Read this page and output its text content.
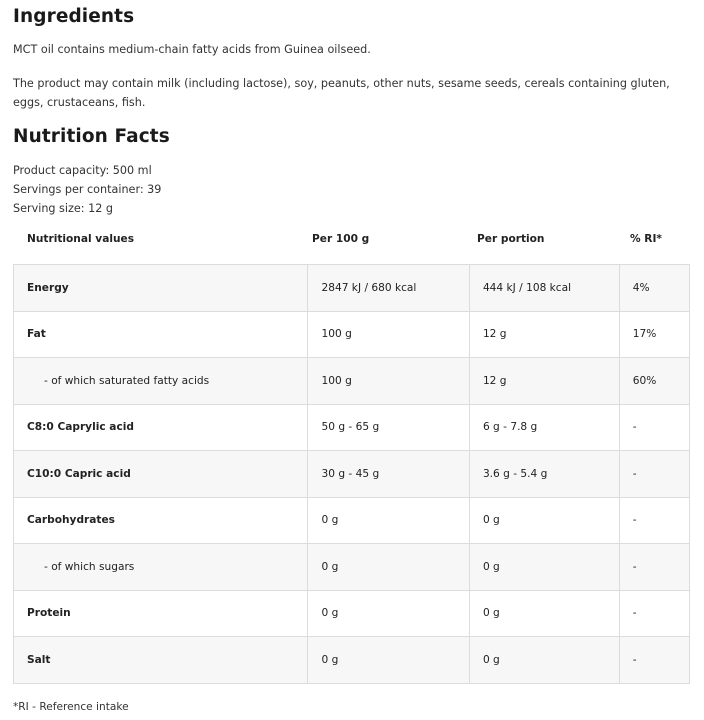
Ingredients

MCT oil contains medium-chain fatty acids from Guinea oilseed.

The product may contain milk (including lactose), soy, peanuts, other nuts, sesame seeds, cereals containing gluten, eggs, crustaceans, fish.

Nutrition Facts
Product capacity: 500 ml
Servings per container: 39
Serving size: 12 g
Nutritional values	Per 100 g	Per portion	% RI*
Energy	2847 kJ / 680 kcal	444 kJ / 108 kcal	4%
Fat	100 g	12 g	17%
- of which saturated fatty acids	100 g	12 g	60%
C8:0 Caprylic acid	50 g - 65 g	6 g - 7.8 g	-
C10:0 Capric acid	30 g - 45 g	3.6 g - 5.4 g	-
Carbohydrates	0 g	0 g	-
- of which sugars	0 g	0 g	-
Protein	0 g	0 g	-
Salt	0 g	0 g	-
*RI - Reference intake
